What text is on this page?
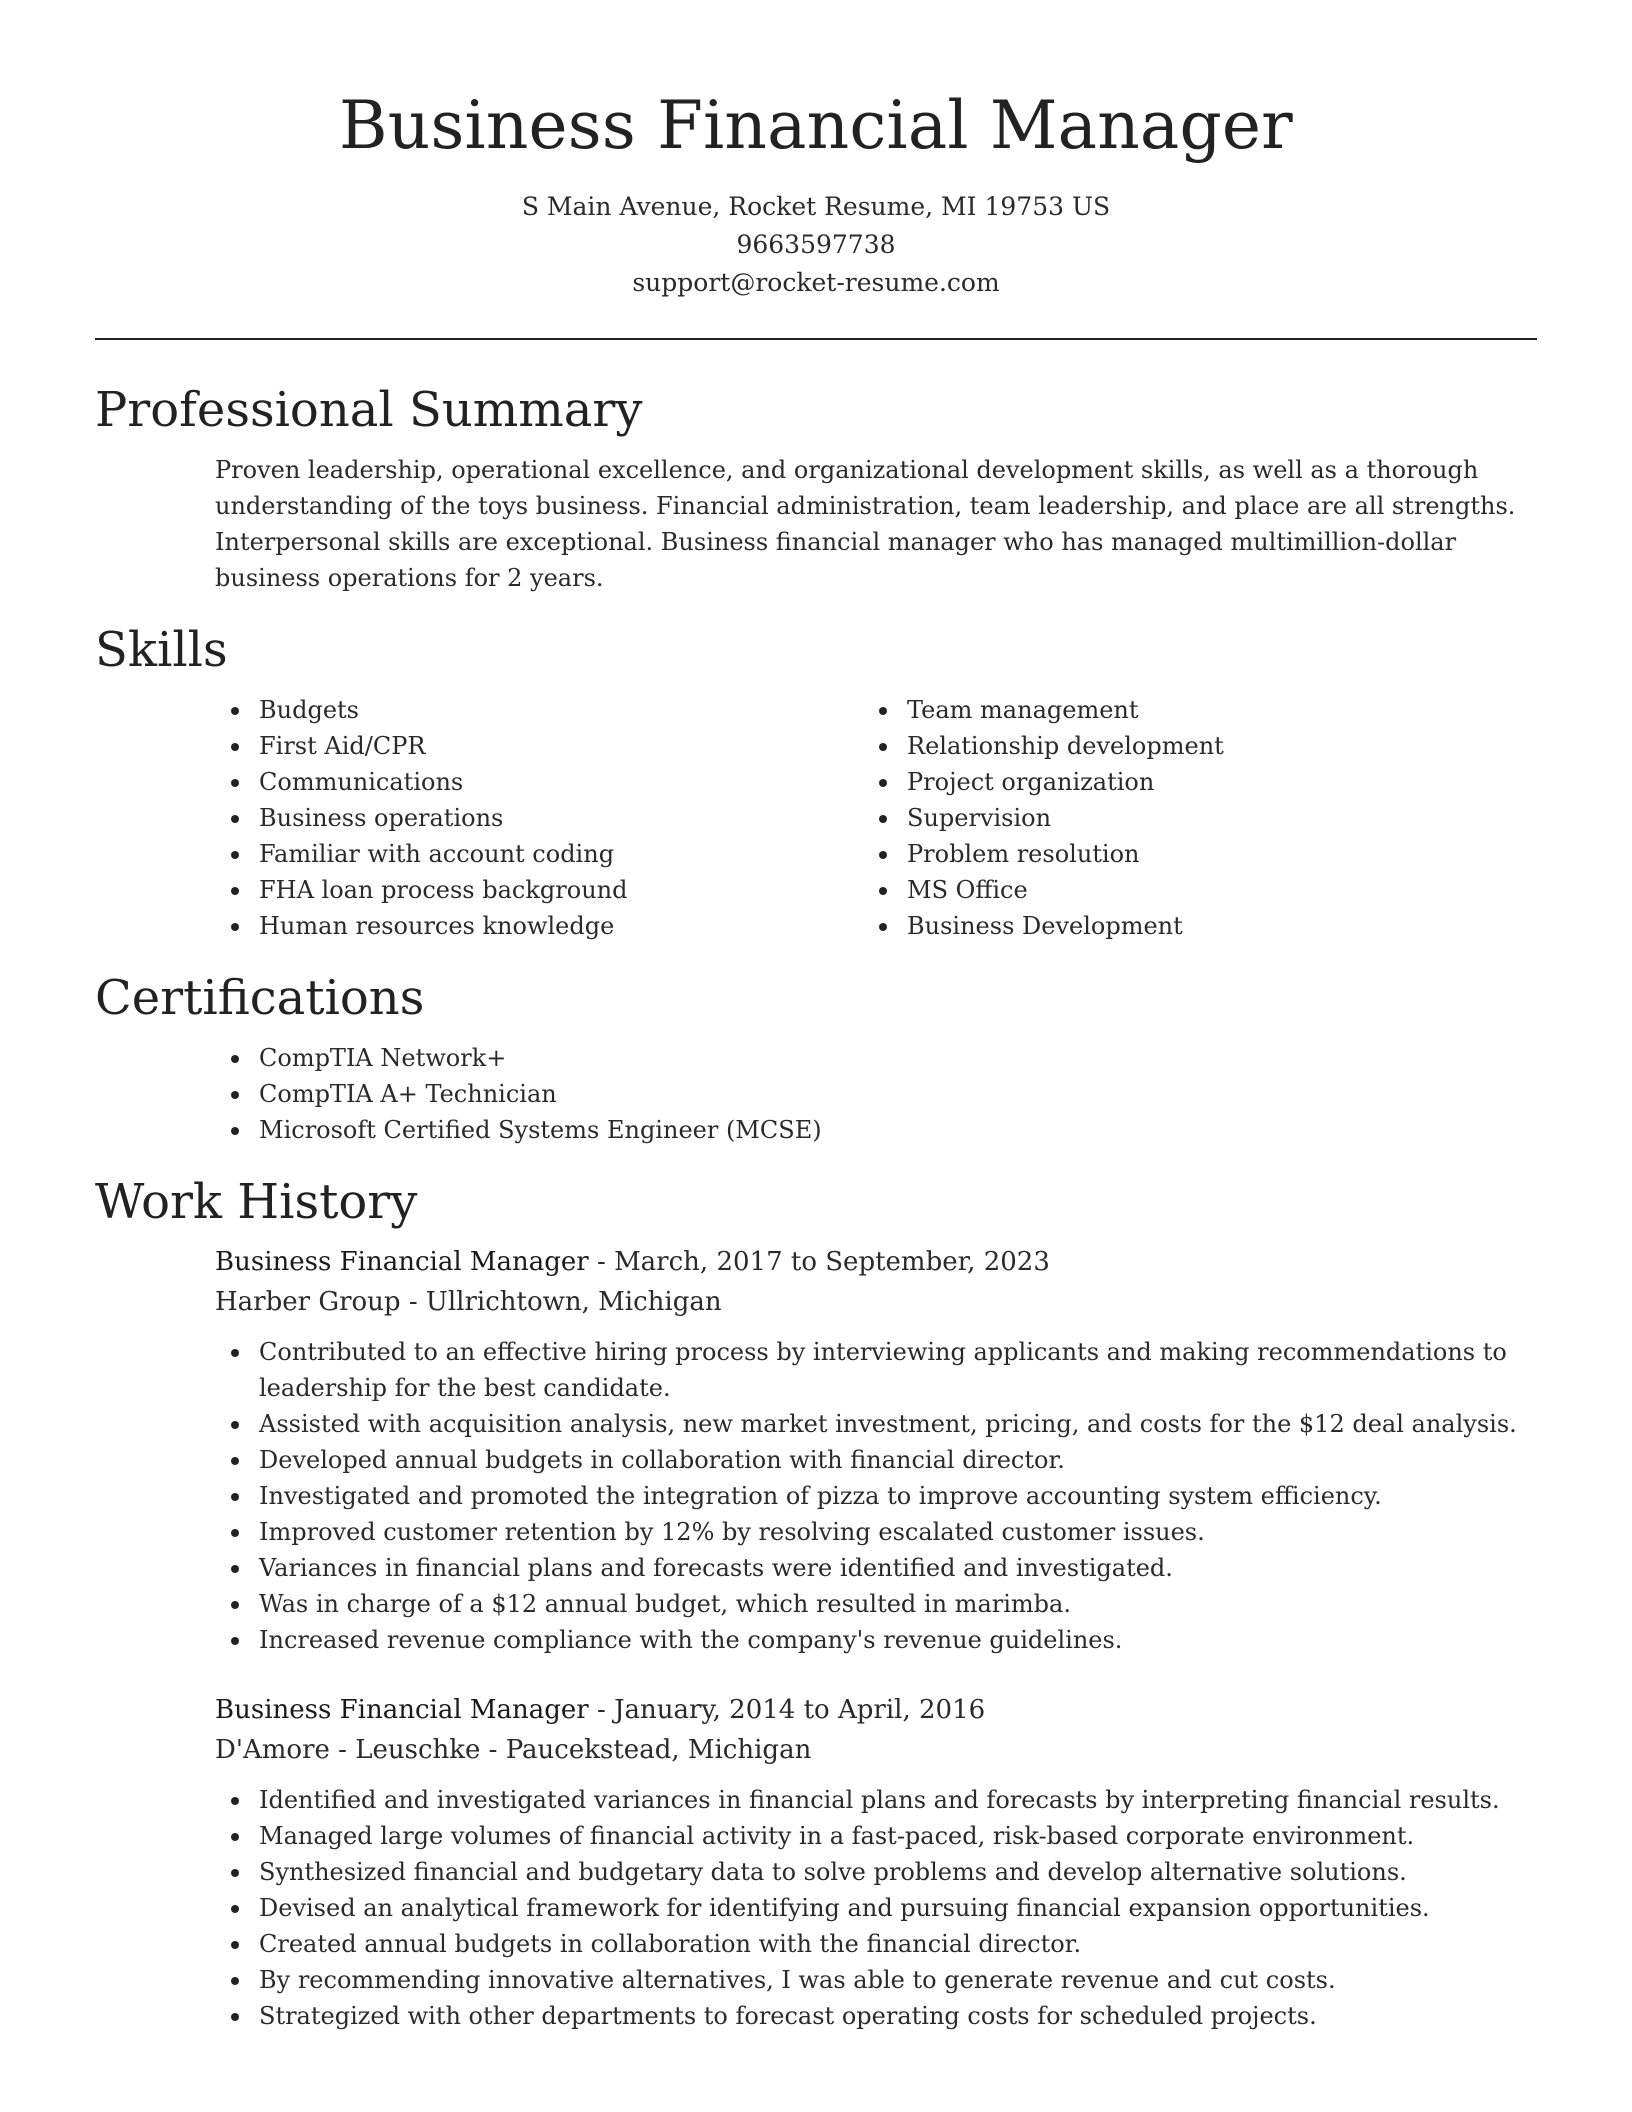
Business Financial Manager
S Main Avenue, Rocket Resume, MI 19753 US
9663597738
support@rocket-resume.com
Professional Summary

Proven leadership, operational excellence, and organizational development skills, as well as a thorough understanding of the toys business. Financial administration, team leadership, and place are all strengths. Interpersonal skills are exceptional. Business financial manager who has managed multimillion-dollar business operations for 2 years.

Skills
Budgets
First Aid/CPR
Communications
Business operations
Familiar with account coding
FHA loan process background
Human resources knowledge
Team management
Relationship development
Project organization
Supervision
Problem resolution
MS Office
Business Development
Certifications
CompTIA Network+
CompTIA A+ Technician
Microsoft Certified Systems Engineer (MCSE)
Work History
Business Financial Manager - March, 2017 to September, 2023
Harber Group - Ullrichtown, Michigan
Contributed to an effective hiring process by interviewing applicants and making recommendations to leadership for the best candidate.
Assisted with acquisition analysis, new market investment, pricing, and costs for the $12 deal analysis.
Developed annual budgets in collaboration with financial director.
Investigated and promoted the integration of pizza to improve accounting system efficiency.
Improved customer retention by 12% by resolving escalated customer issues.
Variances in financial plans and forecasts were identified and investigated.
Was in charge of a $12 annual budget, which resulted in marimba.
Increased revenue compliance with the company's revenue guidelines.
Business Financial Manager - January, 2014 to April, 2016
D'Amore - Leuschke - Paucekstead, Michigan
Identified and investigated variances in financial plans and forecasts by interpreting financial results.
Managed large volumes of financial activity in a fast-paced, risk-based corporate environment.
Synthesized financial and budgetary data to solve problems and develop alternative solutions.
Devised an analytical framework for identifying and pursuing financial expansion opportunities.
Created annual budgets in collaboration with the financial director.
By recommending innovative alternatives, I was able to generate revenue and cut costs.
Strategized with other departments to forecast operating costs for scheduled projects.
